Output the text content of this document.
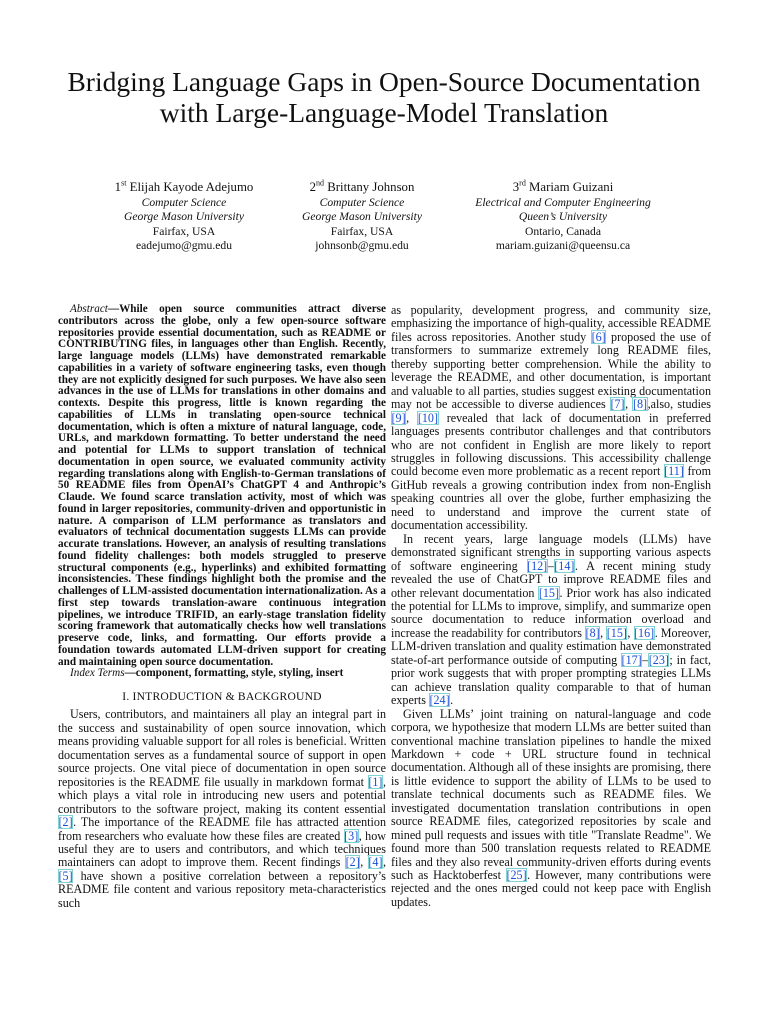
Bridging Language Gaps in Open-Source Documentation with Large-Language-Model Translation
1st Elijah Kayode Adejumo
Computer Science
George Mason University
Fairfax, USA
eadejumo@gmu.edu
2nd Brittany Johnson
Computer Science
George Mason University
Fairfax, USA
johnsonb@gmu.edu
3rd Mariam Guizani
Electrical and Computer Engineering
Queen’s University
Ontario, Canada
mariam.guizani@queensu.ca

Abstract—While open source communities attract diverse contributors across the globe, only a few open-source software repositories provide essential documentation, such as README or CONTRIBUTING files, in languages other than English. Recently, large language models (LLMs) have demonstrated remarkable capabilities in a variety of software engineering tasks, even though they are not explicitly designed for such purposes. We have also seen advances in the use of LLMs for translations in other domains and contexts. Despite this progress, little is known regarding the capabilities of LLMs in translating open-source technical documentation, which is often a mixture of natural language, code, URLs, and markdown formatting. To better understand the need and potential for LLMs to support translation of technical documentation in open source, we evaluated community activity regarding translations along with English-to-German translations of 50 README files from OpenAI’s ChatGPT 4 and Anthropic’s Claude. We found scarce translation activity, most of which was found in larger repositories, community-driven and opportunistic in nature. A comparison of LLM performance as translators and evaluators of technical documentation suggests LLMs can provide accurate translations. However, an analysis of resulting translations found fidelity challenges: both models struggled to preserve structural components (e.g., hyperlinks) and exhibited formatting inconsistencies. These findings highlight both the promise and the challenges of LLM-assisted documentation internationalization. As a first step towards translation-aware continuous integration pipelines, we introduce TRIFID, an early-stage translation fidelity scoring framework that automatically checks how well translations preserve code, links, and formatting. Our efforts provide a foundation towards automated LLM-driven support for creating and maintaining open source documentation.

Index Terms—component, formatting, style, styling, insert

I. INTRODUCTION & BACKGROUND

Users, contributors, and maintainers all play an integral part in the success and sustainability of open source innovation, which means providing valuable support for all roles is beneficial. Written documentation serves as a fundamental source of support in open source projects. One vital piece of documentation in open source repositories is the README file usually in markdown format [1], which plays a vital role in introducing new users and potential contributors to the software project, making its content essential [2]. The importance of the README file has attracted attention from researchers who evaluate how these files are created [3], how useful they are to users and contributors, and which techniques maintainers can adopt to improve them. Recent findings [2], [4], [5] have shown a positive correlation between a repository’s README file content and various repository meta-characteristics such

as popularity, development progress, and community size, emphasizing the importance of high-quality, accessible README files across repositories. Another study [6] proposed the use of transformers to summarize extremely long README files, thereby supporting better comprehension. While the ability to leverage the README, and other documentation, is important and valuable to all parties, studies suggest existing documentation may not be accessible to diverse audiences [7], [8],also, studies [9], [10] revealed that lack of documentation in preferred languages presents contributor challenges and that contributors who are not confident in English are more likely to report struggles in following discussions. This accessibility challenge could become even more problematic as a recent report [11] from GitHub reveals a growing contribution index from non-English speaking countries all over the globe, further emphasizing the need to understand and improve the current state of documentation accessibility.

In recent years, large language models (LLMs) have demonstrated significant strengths in supporting various aspects of software engineering [12]–[14]. A recent mining study revealed the use of ChatGPT to improve README files and other relevant documentation [15]. Prior work has also indicated the potential for LLMs to improve, simplify, and summarize open source documentation to reduce information overload and increase the readability for contributors [8], [15], [16]. Moreover, LLM-driven translation and quality estimation have demonstrated state-of-art performance outside of computing [17]–[23]; in fact, prior work suggests that with proper prompting strategies LLMs can achieve translation quality comparable to that of human experts [24].

Given LLMs’ joint training on natural-language and code corpora, we hypothesize that modern LLMs are better suited than conventional machine translation pipelines to handle the mixed Markdown + code + URL structure found in technical documentation. Although all of these insights are promising, there is little evidence to support the ability of LLMs to be used to translate technical documents such as README files. We investigated documentation translation contributions in open source README files, categorized repositories by scale and mined pull requests and issues with title "Translate Readme". We found more than 500 translation requests related to README files and they also reveal community-driven efforts during events such as Hacktoberfest [25]. However, many contributions were rejected and the ones merged could not keep pace with English updates.
